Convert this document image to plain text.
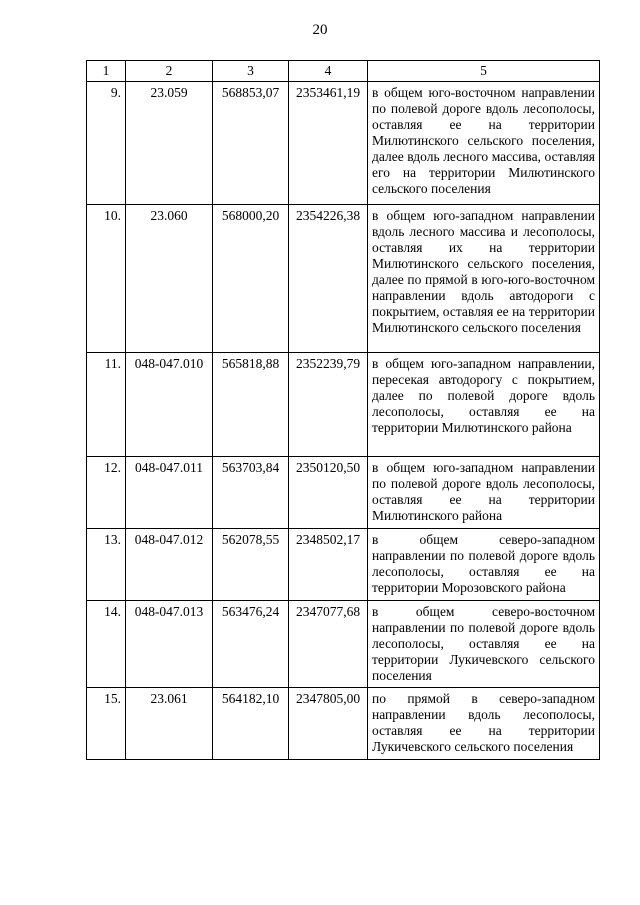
20
1	2	3	4	5
9.	23.059	568853,07	2353461,19	в общем юго-восточном направлении по полевой дороге вдоль лесополосы, оставляя ее на территории Милютинского сельского поселения, далее вдоль лесного массива, оставляя его на территории Милютинского сельского поселения
10.	23.060	568000,20	2354226,38	в общем юго-западном направлении вдоль лесного массива и лесополосы, оставляя их на территории Милютинского сельского поселения, далее по прямой в юго-юго-восточном направлении вдоль автодороги с покрытием, оставляя ее на территории Милютинского сельского поселения
11.	048-047.010	565818,88	2352239,79	в общем юго-западном направлении, пересекая автодорогу с покрытием, далее по полевой дороге вдоль лесополосы, оставляя ее на территории Милютинского района
12.	048-047.011	563703,84	2350120,50	в общем юго-западном направлении по полевой дороге вдоль лесополосы, оставляя ее на территории Милютинского района
13.	048-047.012	562078,55	2348502,17	в общем северо-западном направлении по полевой дороге вдоль лесополосы, оставляя ее на территории Морозовского района
14.	048-047.013	563476,24	2347077,68	в общем северо-восточном направлении по полевой дороге вдоль лесополосы, оставляя ее на территории Лукичевского сельского поселения
15.	23.061	564182,10	2347805,00	по прямой в северо-западном направлении вдоль лесополосы, оставляя ее на территории Лукичевского сельского поселения
